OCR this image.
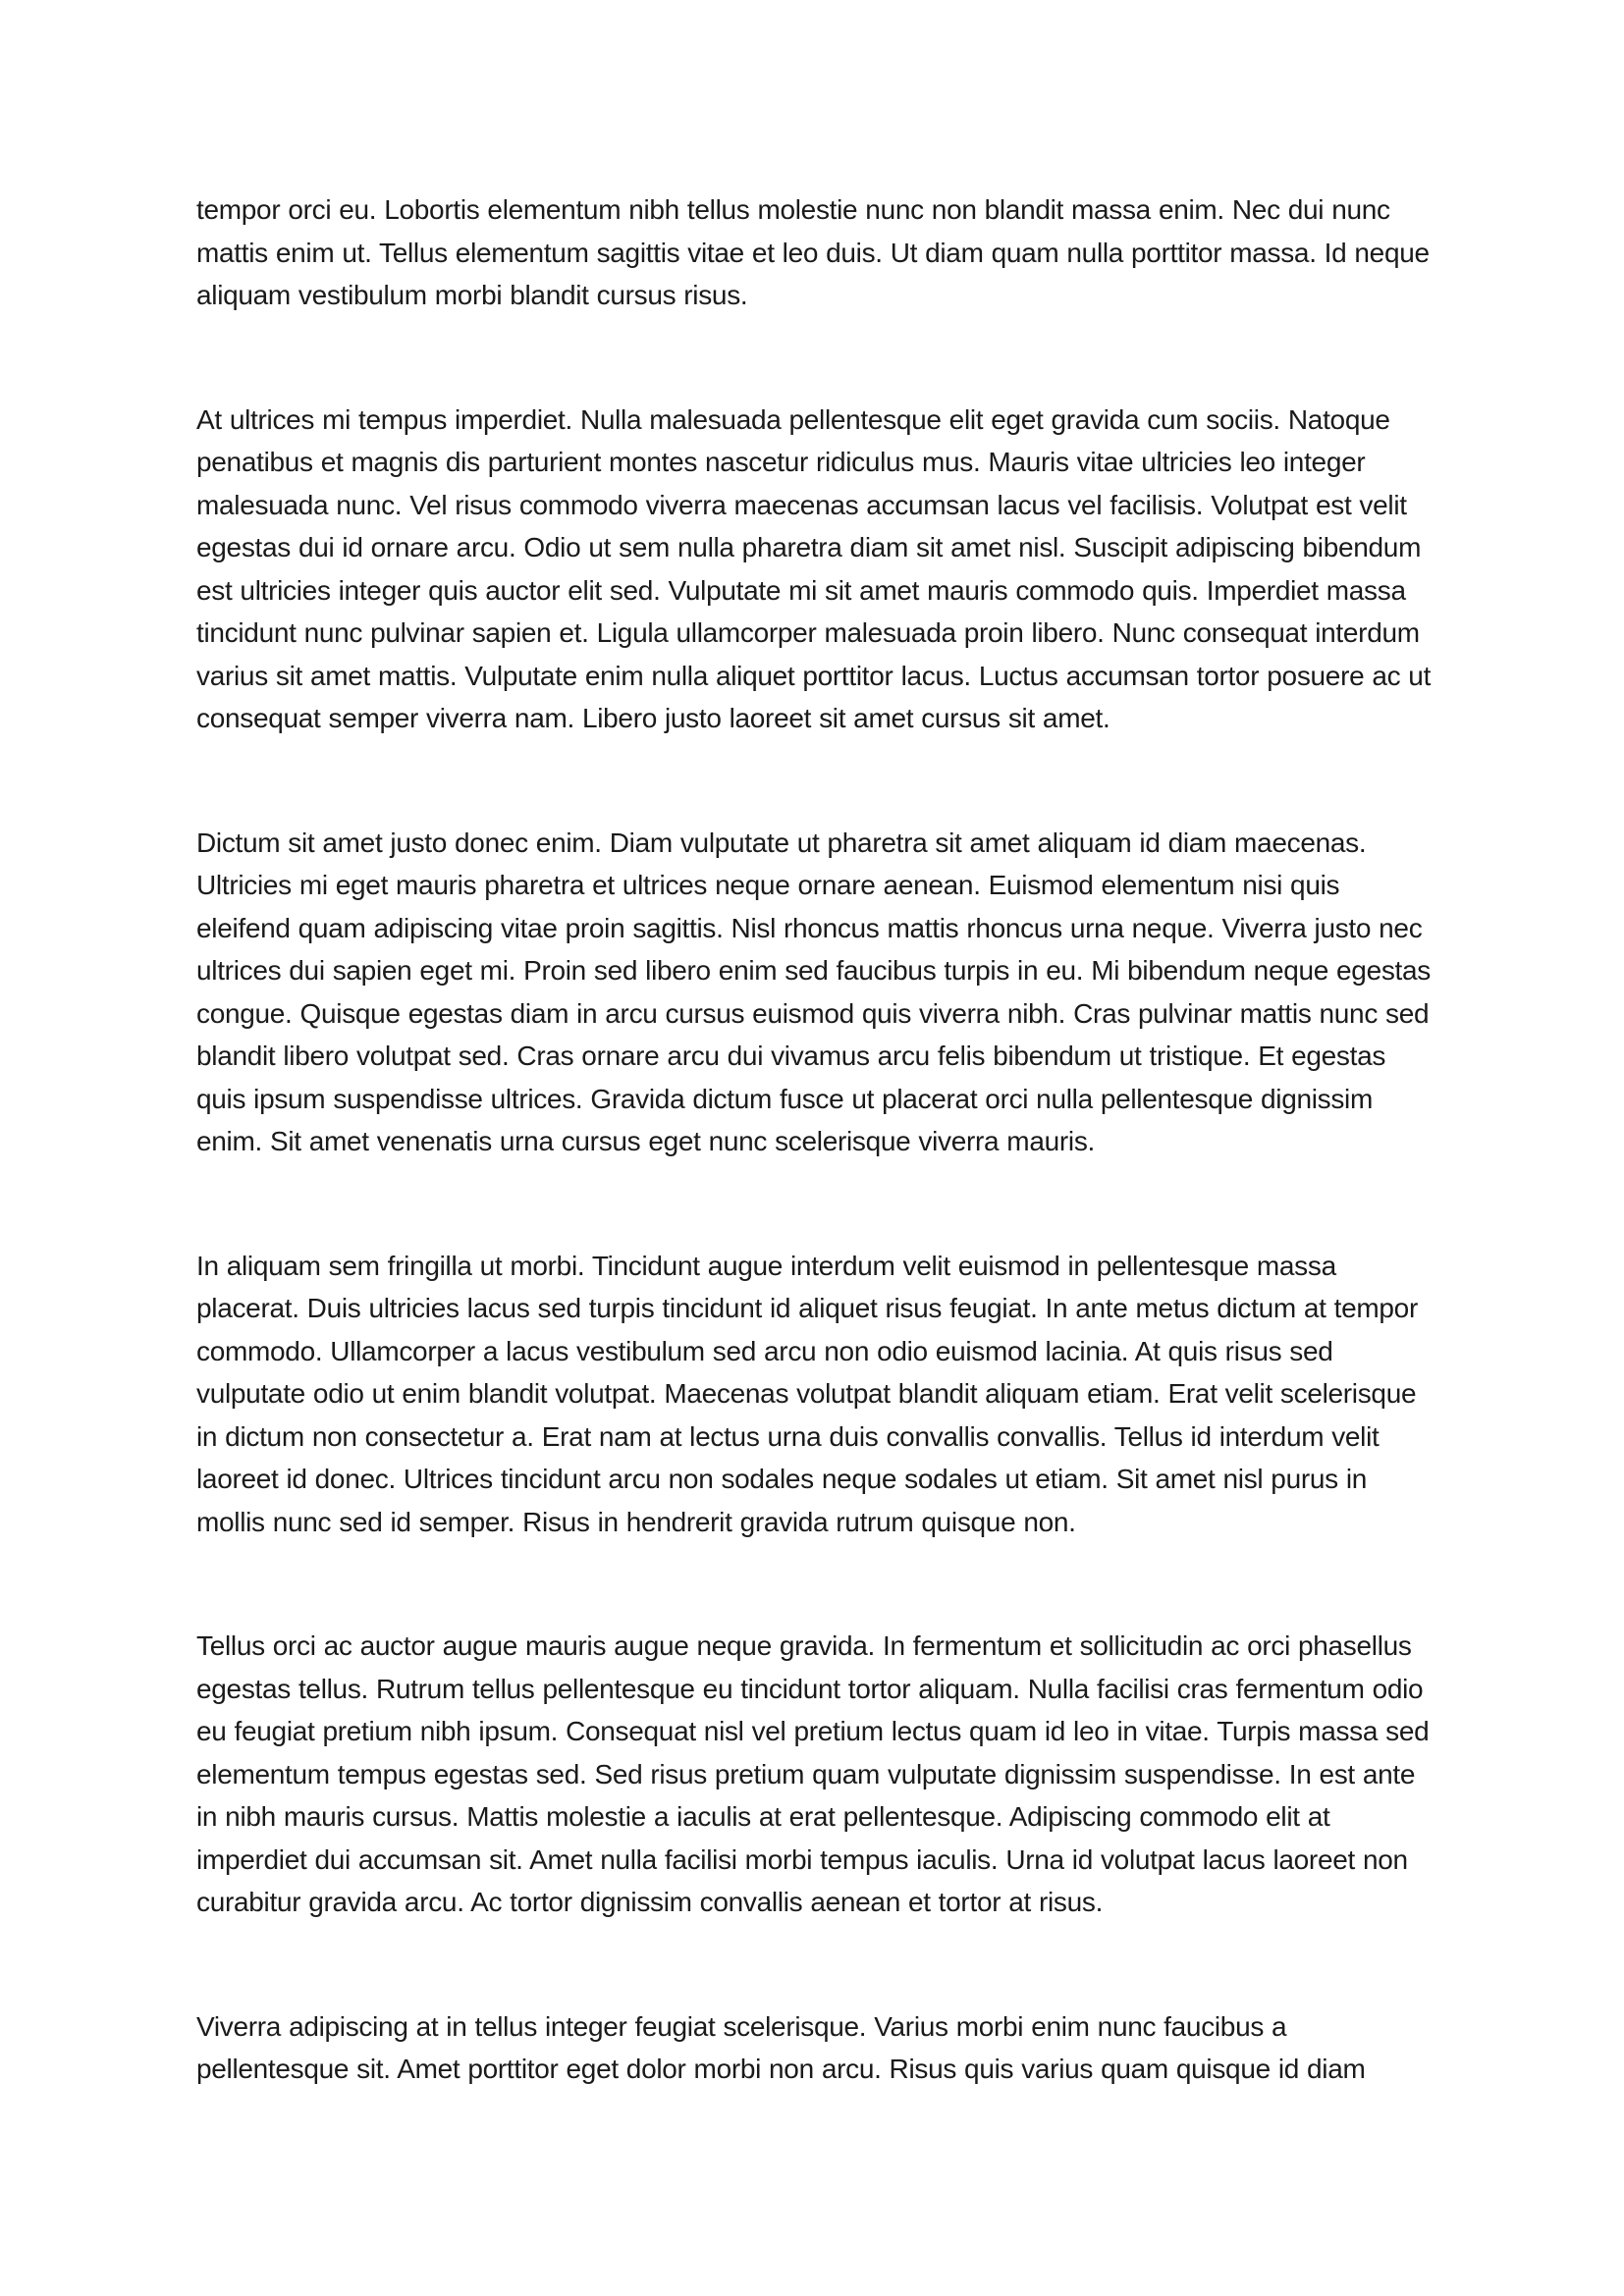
tempor orci eu. Lobortis elementum nibh tellus molestie nunc non blandit massa enim. Nec dui nunc mattis enim ut. Tellus elementum sagittis vitae et leo duis. Ut diam quam nulla porttitor massa. Id neque aliquam vestibulum morbi blandit cursus risus.

At ultrices mi tempus imperdiet. Nulla malesuada pellentesque elit eget gravida cum sociis. Natoque penatibus et magnis dis parturient montes nascetur ridiculus mus. Mauris vitae ultricies leo integer malesuada nunc. Vel risus commodo viverra maecenas accumsan lacus vel facilisis. Volutpat est velit egestas dui id ornare arcu. Odio ut sem nulla pharetra diam sit amet nisl. Suscipit adipiscing bibendum est ultricies integer quis auctor elit sed. Vulputate mi sit amet mauris commodo quis. Imperdiet massa tincidunt nunc pulvinar sapien et. Ligula ullamcorper malesuada proin libero. Nunc consequat interdum varius sit amet mattis. Vulputate enim nulla aliquet porttitor lacus. Luctus accumsan tortor posuere ac ut consequat semper viverra nam. Libero justo laoreet sit amet cursus sit amet.

Dictum sit amet justo donec enim. Diam vulputate ut pharetra sit amet aliquam id diam maecenas. Ultricies mi eget mauris pharetra et ultrices neque ornare aenean. Euismod elementum nisi quis eleifend quam adipiscing vitae proin sagittis. Nisl rhoncus mattis rhoncus urna neque. Viverra justo nec ultrices dui sapien eget mi. Proin sed libero enim sed faucibus turpis in eu. Mi bibendum neque egestas congue. Quisque egestas diam in arcu cursus euismod quis viverra nibh. Cras pulvinar mattis nunc sed blandit libero volutpat sed. Cras ornare arcu dui vivamus arcu felis bibendum ut tristique. Et egestas quis ipsum suspendisse ultrices. Gravida dictum fusce ut placerat orci nulla pellentesque dignissim enim. Sit amet venenatis urna cursus eget nunc scelerisque viverra mauris.

In aliquam sem fringilla ut morbi. Tincidunt augue interdum velit euismod in pellentesque massa placerat. Duis ultricies lacus sed turpis tincidunt id aliquet risus feugiat. In ante metus dictum at tempor commodo. Ullamcorper a lacus vestibulum sed arcu non odio euismod lacinia. At quis risus sed vulputate odio ut enim blandit volutpat. Maecenas volutpat blandit aliquam etiam. Erat velit scelerisque in dictum non consectetur a. Erat nam at lectus urna duis convallis convallis. Tellus id interdum velit laoreet id donec. Ultrices tincidunt arcu non sodales neque sodales ut etiam. Sit amet nisl purus in mollis nunc sed id semper. Risus in hendrerit gravida rutrum quisque non.

Tellus orci ac auctor augue mauris augue neque gravida. In fermentum et sollicitudin ac orci phasellus egestas tellus. Rutrum tellus pellentesque eu tincidunt tortor aliquam. Nulla facilisi cras fermentum odio eu feugiat pretium nibh ipsum. Consequat nisl vel pretium lectus quam id leo in vitae. Turpis massa sed elementum tempus egestas sed. Sed risus pretium quam vulputate dignissim suspendisse. In est ante in nibh mauris cursus. Mattis molestie a iaculis at erat pellentesque. Adipiscing commodo elit at imperdiet dui accumsan sit. Amet nulla facilisi morbi tempus iaculis. Urna id volutpat lacus laoreet non curabitur gravida arcu. Ac tortor dignissim convallis aenean et tortor at risus.

Viverra adipiscing at in tellus integer feugiat scelerisque. Varius morbi enim nunc faucibus a pellentesque sit. Amet porttitor eget dolor morbi non arcu. Risus quis varius quam quisque id diam
